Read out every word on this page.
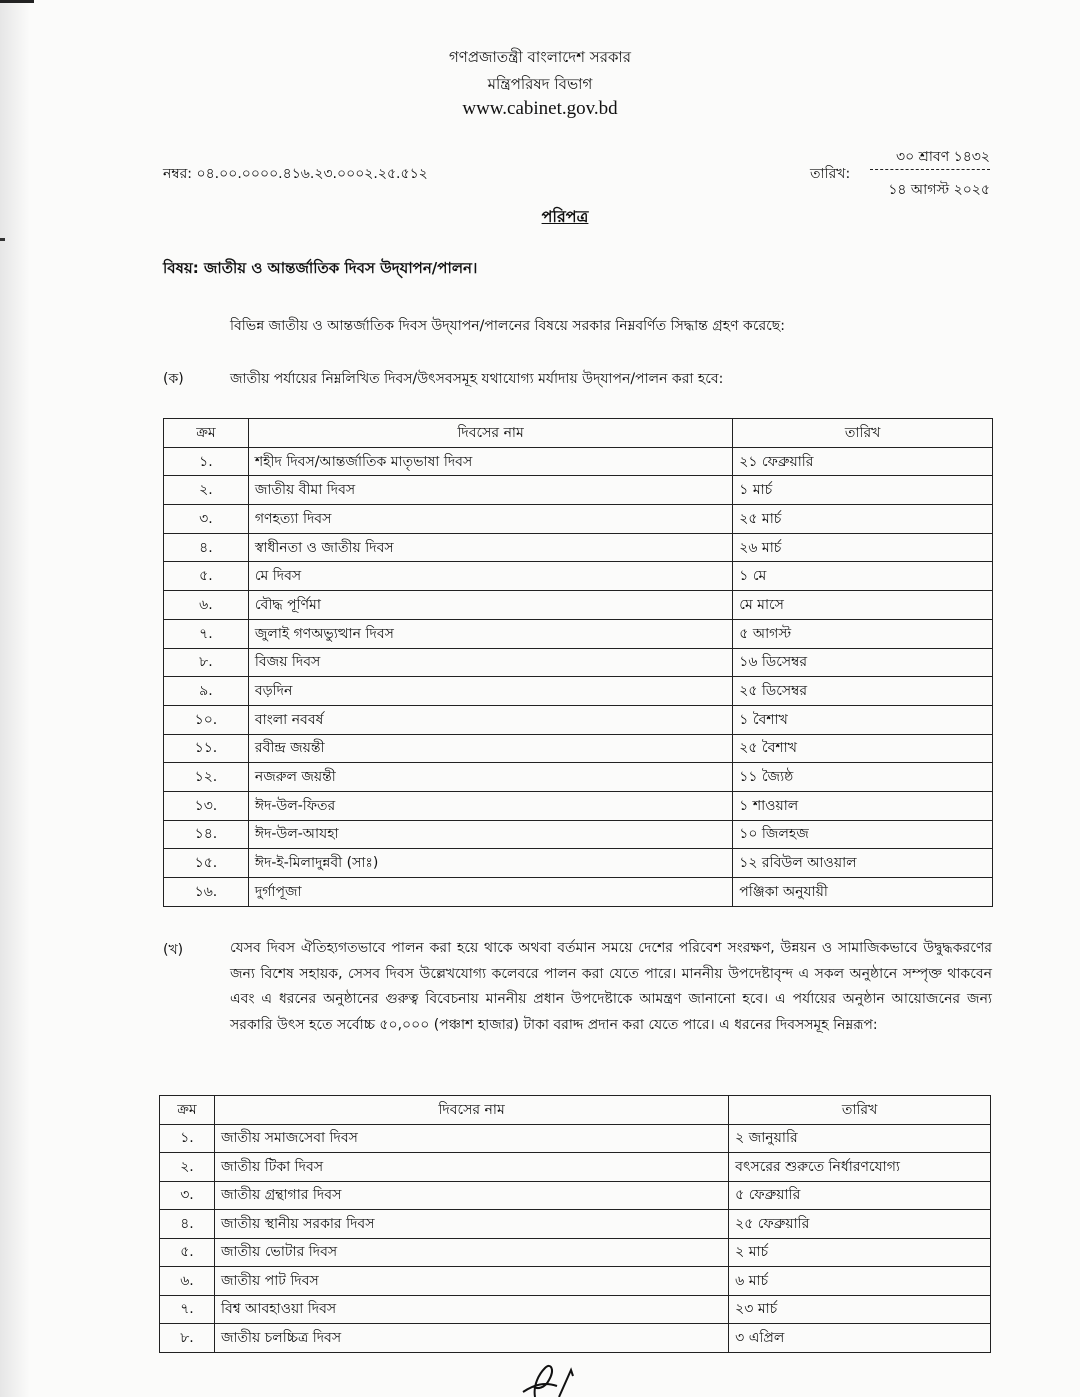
গণপ্রজাতন্ত্রী বাংলাদেশ সরকার
মন্ত্রিপরিষদ বিভাগ
www.cabinet.gov.bd
নম্বর: ০৪.০০.০০০০.৪১৬.২৩.০০০২.২৫.৫১২	তারিখ:
৩০ শ্রাবণ ১৪৩২
১৪ আগস্ট ২০২৫
পরিপত্র
বিষয়: জাতীয় ও আন্তর্জাতিক দিবস উদ্‌যাপন/পালন।
বিভিন্ন জাতীয় ও আন্তর্জাতিক দিবস উদ্‌যাপন/পালনের বিষয়ে সরকার নিম্নবর্ণিত সিদ্ধান্ত গ্রহণ করেছে:
(ক)	জাতীয় পর্যায়ের নিম্নলিখিত দিবস/উৎসবসমূহ যথাযোগ্য মর্যাদায় উদ্‌যাপন/পালন করা হবে:
ক্রম	দিবসের নাম	তারিখ
১.	শহীদ দিবস/আন্তর্জাতিক মাতৃভাষা দিবস	২১ ফেব্রুয়ারি
২.	জাতীয় বীমা দিবস	১ মার্চ
৩.	গণহত্যা দিবস	২৫ মার্চ
৪.	স্বাধীনতা ও জাতীয় দিবস	২৬ মার্চ
৫.	মে দিবস	১ মে
৬.	বৌদ্ধ পূর্ণিমা	মে মাসে
৭.	জুলাই গণঅভ্যুত্থান দিবস	৫ আগস্ট
৮.	বিজয় দিবস	১৬ ডিসেম্বর
৯.	বড়দিন	২৫ ডিসেম্বর
১০.	বাংলা নববর্ষ	১ বৈশাখ
১১.	রবীন্দ্র জয়ন্তী	২৫ বৈশাখ
১২.	নজরুল জয়ন্তী	১১ জ্যৈষ্ঠ
১৩.	ঈদ-উল-ফিতর	১ শাওয়াল
১৪.	ঈদ-উল-আযহা	১০ জিলহজ
১৫.	ঈদ-ই-মিলাদুন্নবী (সাঃ)	১২ রবিউল আওয়াল
১৬.	দুর্গাপূজা	পঞ্জিকা অনুযায়ী
(খ)	যেসব দিবস ঐতিহ্যগতভাবে পালন করা হয়ে থাকে অথবা বর্তমান সময়ে দেশের পরিবেশ সংরক্ষণ, উন্নয়ন ও সামাজিকভাবে উদ্বুদ্ধকরণের জন্য বিশেষ সহায়ক, সেসব দিবস উল্লেখযোগ্য কলেবরে পালন করা যেতে পারে। মাননীয় উপদেষ্টাবৃন্দ এ সকল অনুষ্ঠানে সম্পৃক্ত থাকবেন এবং এ ধরনের অনুষ্ঠানের গুরুত্ব বিবেচনায় মাননীয় প্রধান উপদেষ্টাকে আমন্ত্রণ জানানো হবে। এ পর্যায়ের অনুষ্ঠান আয়োজনের জন্য সরকারি উৎস হতে সর্বোচ্চ ৫০,০০০ (পঞ্চাশ হাজার) টাকা বরাদ্দ প্রদান করা যেতে পারে। এ ধরনের দিবসসমূহ নিম্নরূপ:
ক্রম	দিবসের নাম	তারিখ
১.	জাতীয় সমাজসেবা দিবস	২ জানুয়ারি
২.	জাতীয় টিকা দিবস	বৎসরের শুরুতে নির্ধারণযোগ্য
৩.	জাতীয় গ্রন্থাগার দিবস	৫ ফেব্রুয়ারি
৪.	জাতীয় স্থানীয় সরকার দিবস	২৫ ফেব্রুয়ারি
৫.	জাতীয় ভোটার দিবস	২ মার্চ
৬.	জাতীয় পাট দিবস	৬ মার্চ
৭.	বিশ্ব আবহাওয়া দিবস	২৩ মার্চ
৮.	জাতীয় চলচ্চিত্র দিবস	৩ এপ্রিল
